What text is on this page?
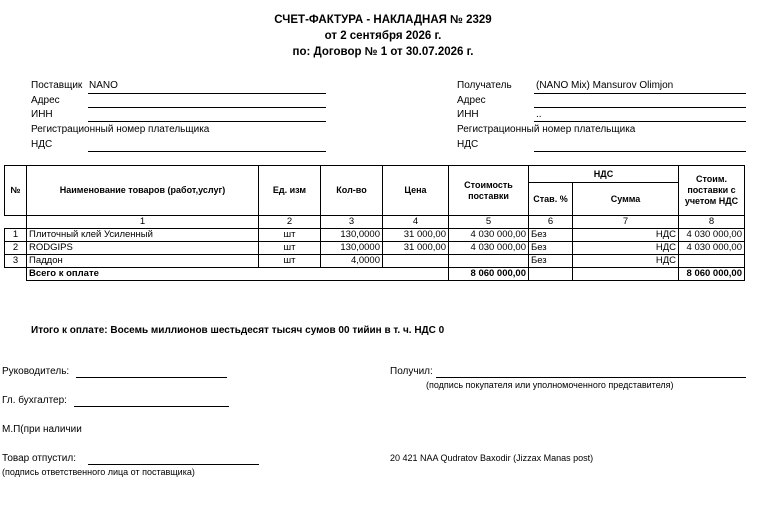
СЧЕТ-ФАКТУРА - НАКЛАДНАЯ № 2329
от 2 сентября 2026 г.
по: Договор № 1 от 30.07.2026 г.
Поставщик NANO
Адрес
ИНН
Регистрационный номер плательщика
НДС
Получатель (NANO Mix) Mansurov Olimjon
Адрес
ИНН	..
Регистрационный номер плательщика
НДС
№	Наименование товаров (работ,услуг)	Ед. изм	Кол-во	Цена	Стоимость поставки	НДС		Стоим. поставки с учетом НДС
						Став. %	Сумма	
	1	2	3	4	5	6	7	8
1	Плиточный клей Усиленный	шт	130,0000	31 000,00	4 030 000,00	Без	НДС	4 030 000,00
2	RODGIPS	шт	130,0000	31 000,00	4 030 000,00	Без	НДС	4 030 000,00
3	Паддон	шт	4,0000			Без	НДС	
	Всего к оплате				8 060 000,00			8 060 000,00
Итого к оплате: Восемь миллионов шестьдесят тысяч сумов 00 тийин в т. ч. НДС 0
Руководитель:
Гл. бухгалтер:
М.П(при наличии
Товар отпустил:
(подпись ответственного лица от поставщика)
Получил:
(подпись покупателя или уполномоченного представителя)
20 421 NAA Qudratov Baxodir (Jizzax Manas post)
